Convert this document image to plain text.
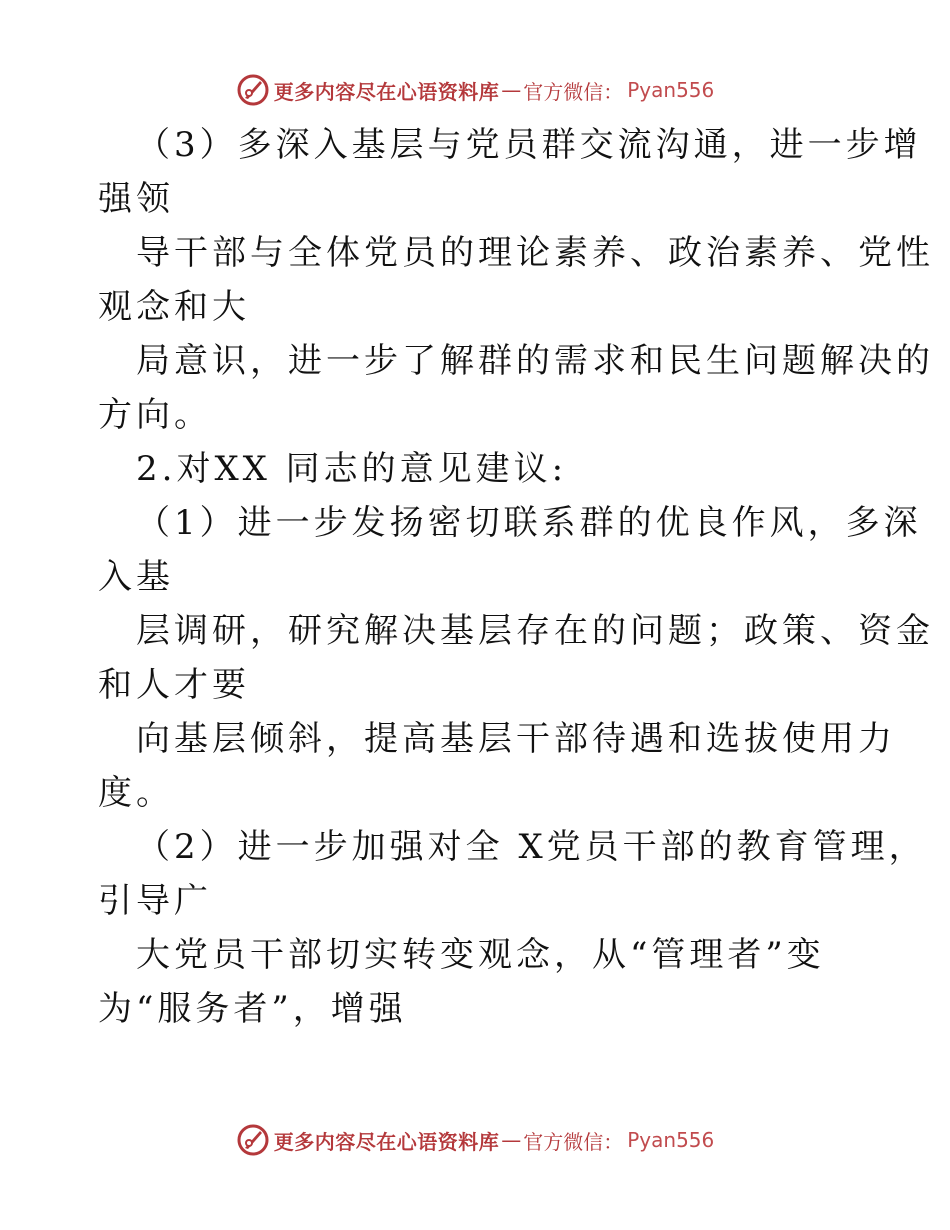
更多内容尽在心语资料库 — 官方微信： Pyan556
（3）多深入基层与党员群交流沟通，进一步增
强领
导干部与全体党员的理论素养、政治素养、党性
观念和大
局意识，进一步了解群的需求和民生问题解决的
方向。
2.对XX 同志的意见建议:
（1）进一步发扬密切联系群的优良作风，多深
入基
层调研，研究解决基层存在的问题；政策、资金
和人才要
向基层倾斜，提高基层干部待遇和选拔使用力
度。
（2）进一步加强对全 X党员干部的教育管理，
引导广
大党员干部切实转变观念，从“管理者”变
为“服务者”，增强
更多内容尽在心语资料库 — 官方微信： Pyan556
